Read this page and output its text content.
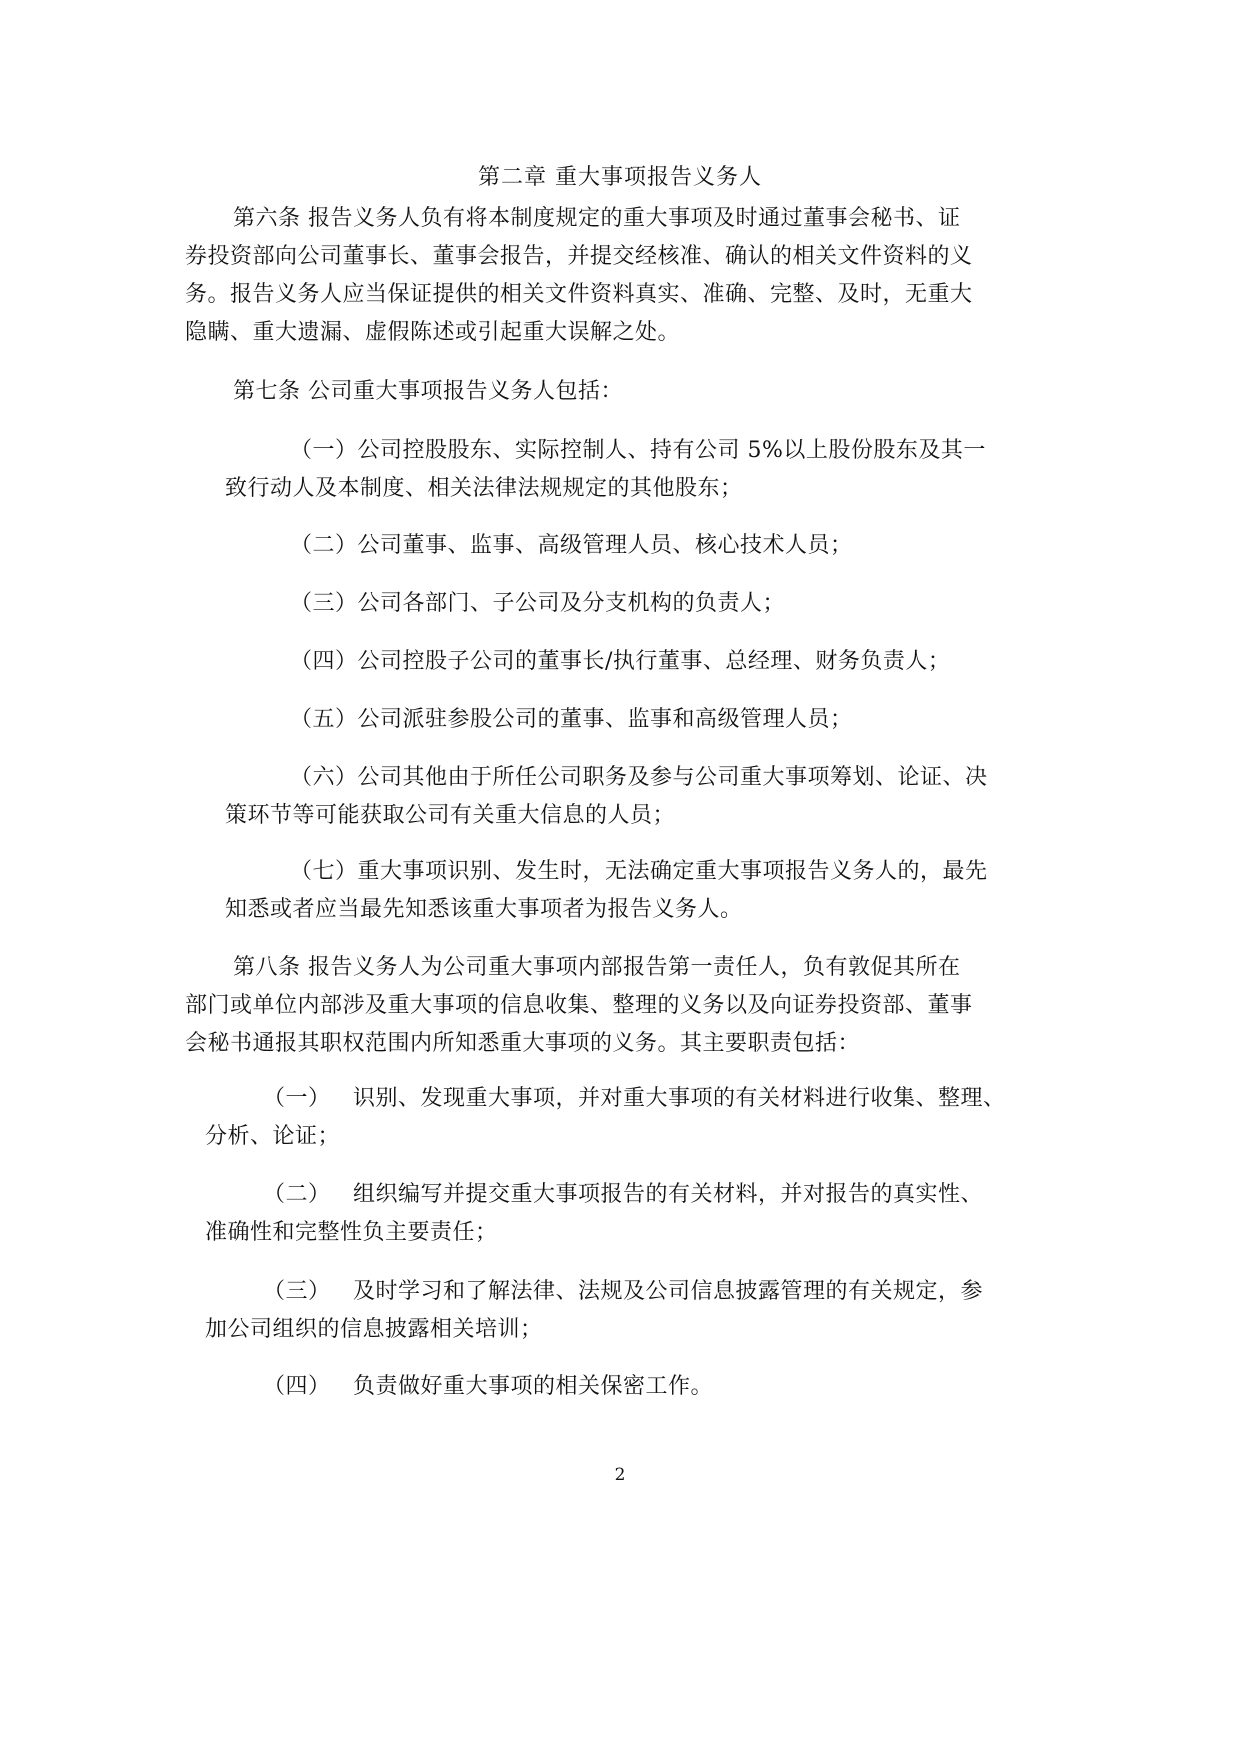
第二章 重大事项报告义务人
第六条 报告义务人负有将本制度规定的重大事项及时通过董事会秘书、证
券投资部向公司董事长、董事会报告，并提交经核准、确认的相关文件资料的义
务。报告义务人应当保证提供的相关文件资料真实、准确、完整、及时，无重大
隐瞒、重大遗漏、虚假陈述或引起重大误解之处。
第七条 公司重大事项报告义务人包括：
（一）公司控股股东、实际控制人、持有公司 5%以上股份股东及其一
致行动人及本制度、相关法律法规规定的其他股东；
（二）公司董事、监事、高级管理人员、核心技术人员；
（三）公司各部门、子公司及分支机构的负责人；
（四）公司控股子公司的董事长/执行董事、总经理、财务负责人；
（五）公司派驻参股公司的董事、监事和高级管理人员；
（六）公司其他由于所任公司职务及参与公司重大事项筹划、论证、决
策环节等可能获取公司有关重大信息的人员；
（七）重大事项识别、发生时，无法确定重大事项报告义务人的，最先
知悉或者应当最先知悉该重大事项者为报告义务人。
第八条 报告义务人为公司重大事项内部报告第一责任人，负有敦促其所在
部门或单位内部涉及重大事项的信息收集、整理的义务以及向证券投资部、董事
会秘书通报其职权范围内所知悉重大事项的义务。其主要职责包括：
（一） 识别、发现重大事项，并对重大事项的有关材料进行收集、整理、
分析、论证；
（二） 组织编写并提交重大事项报告的有关材料，并对报告的真实性、
准确性和完整性负主要责任；
（三） 及时学习和了解法律、法规及公司信息披露管理的有关规定，参
加公司组织的信息披露相关培训；
（四） 负责做好重大事项的相关保密工作。
2
